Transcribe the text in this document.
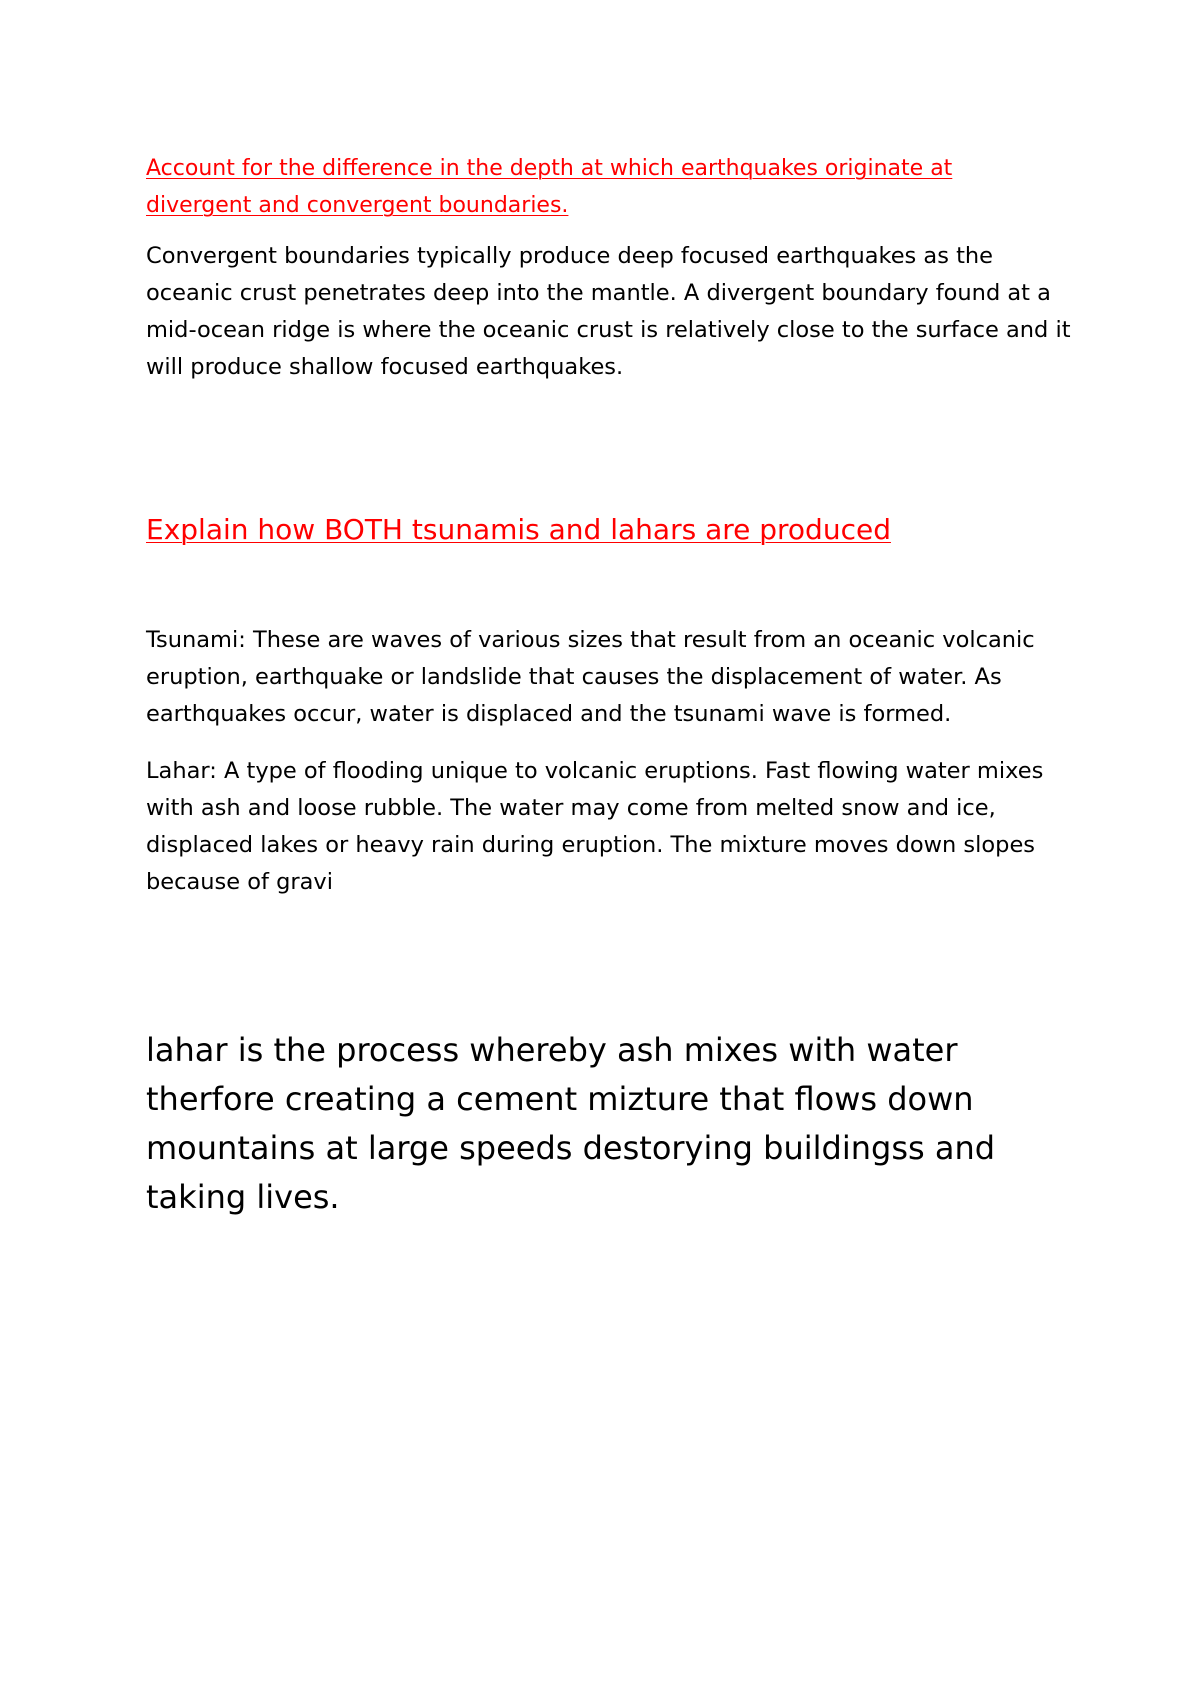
Account for the difference in the depth at which earthquakes originate at divergent and convergent boundaries.

Convergent boundaries typically produce deep focused earthquakes as the oceanic crust penetrates deep into the mantle. A divergent boundary found at a mid-ocean ridge is where the oceanic crust is relatively close to the surface and it will produce shallow focused earthquakes.

Explain how BOTH tsunamis and lahars are produced

Tsunami: These are waves of various sizes that result from an oceanic volcanic eruption, earthquake or landslide that causes the displacement of water. As earthquakes occur, water is displaced and the tsunami wave is formed.

Lahar: A type of flooding unique to volcanic eruptions. Fast flowing water mixes with ash and loose rubble. The water may come from melted snow and ice, displaced lakes or heavy rain during eruption. The mixture moves down slopes because of gravi

lahar is the process whereby ash mixes with water therfore creating a cement mizture that flows down mountains at large speeds destorying buildingss and taking lives.
